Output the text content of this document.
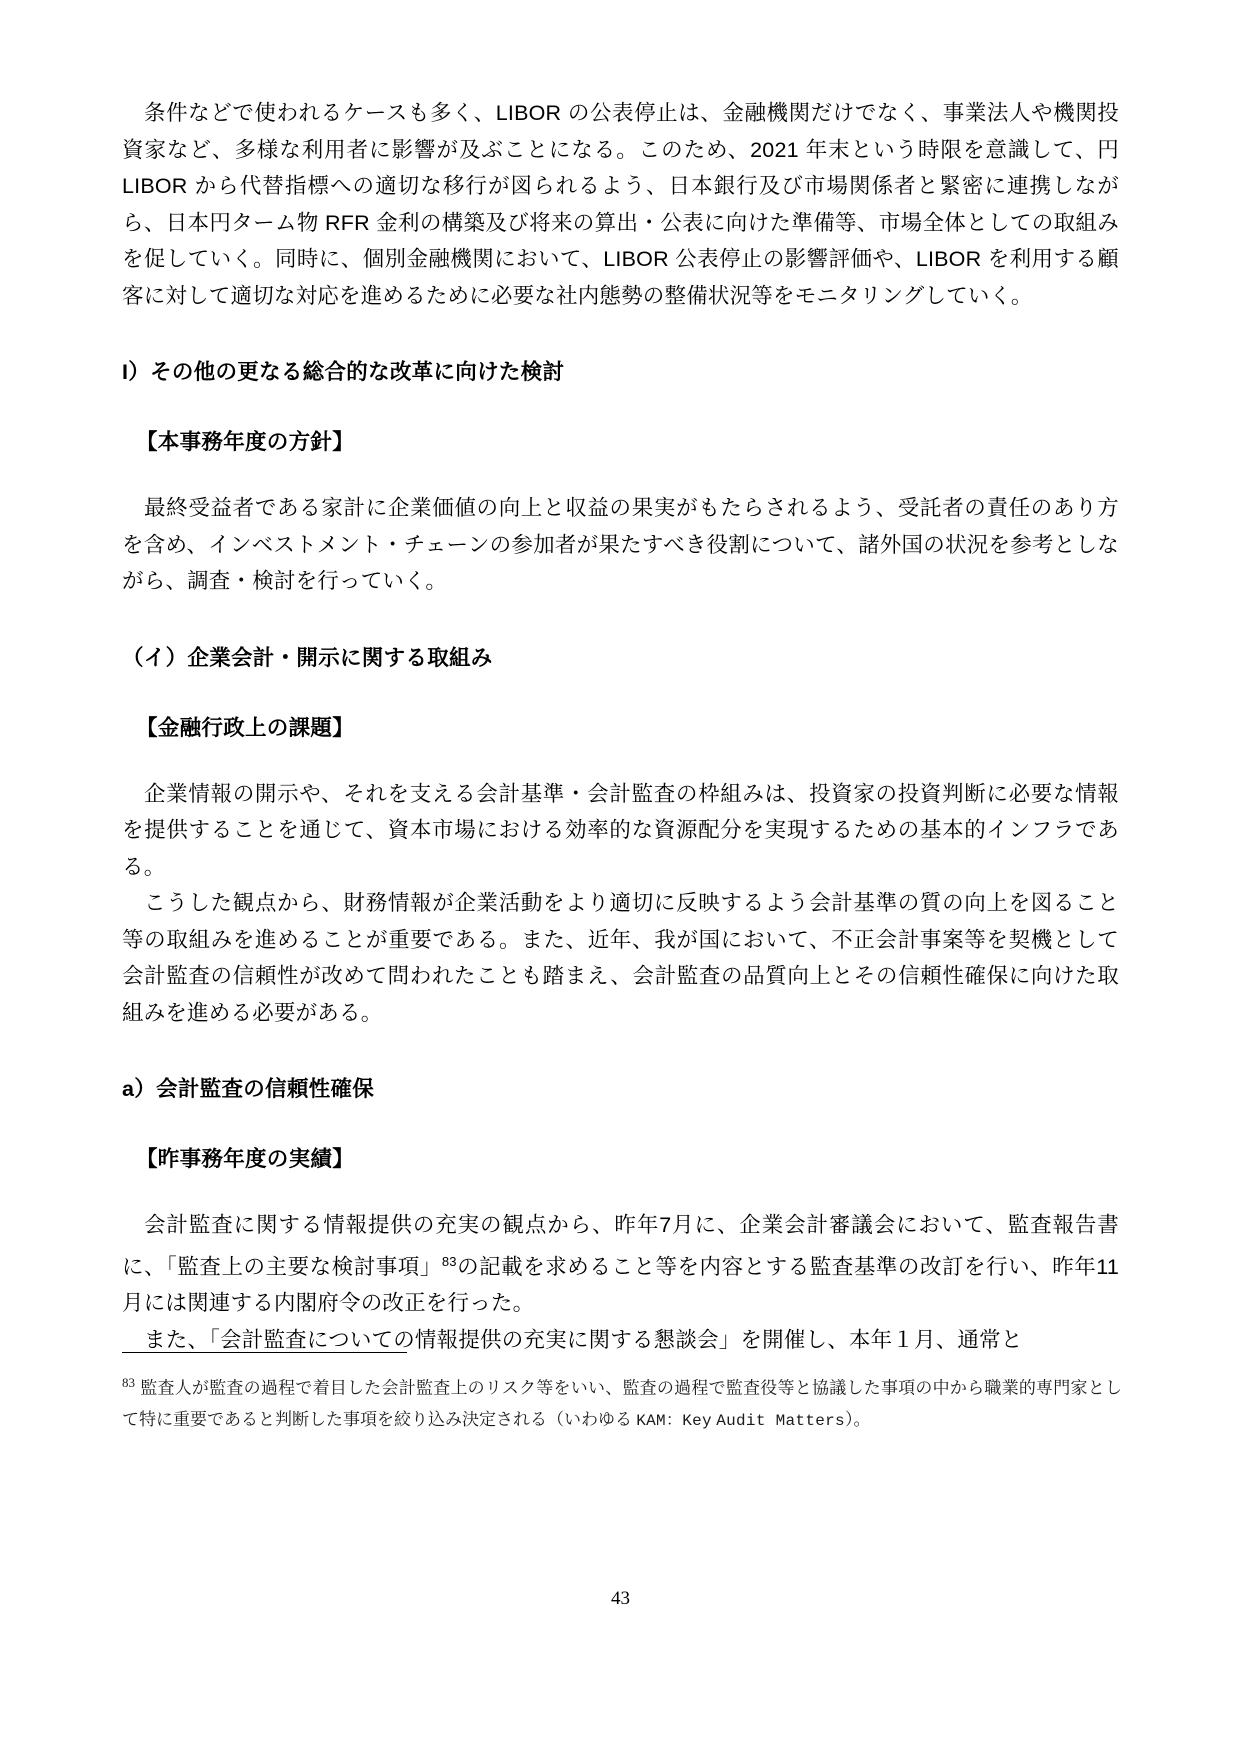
条件などで使われるケースも多く、LIBOR の公表停止は、金融機関だけでなく、事業法人や機関投資家など、多様な利用者に影響が及ぶことになる。このため、2021 年末という時限を意識して、円 LIBOR から代替指標への適切な移行が図られるよう、日本銀行及び市場関係者と緊密に連携しながら、日本円ターム物 RFR 金利の構築及び将来の算出・公表に向けた準備等、市場全体としての取組みを促していく。同時に、個別金融機関において、LIBOR 公表停止の影響評価や、LIBOR を利用する顧客に対して適切な対応を進めるために必要な社内態勢の整備状況等をモニタリングしていく。

I）その他の更なる総合的な改革に向けた検討

【本事務年度の方針】

最終受益者である家計に企業価値の向上と収益の果実がもたらされるよう、受託者の責任のあり方を含め、インベストメント・チェーンの参加者が果たすべき役割について、諸外国の状況を参考としながら、調査・検討を行っていく。

（イ）企業会計・開示に関する取組み

【金融行政上の課題】

企業情報の開示や、それを支える会計基準・会計監査の枠組みは、投資家の投資判断に必要な情報を提供することを通じて、資本市場における効率的な資源配分を実現するための基本的インフラである。

こうした観点から、財務情報が企業活動をより適切に反映するよう会計基準の質の向上を図ること等の取組みを進めることが重要である。また、近年、我が国において、不正会計事案等を契機として会計監査の信頼性が改めて問われたことも踏まえ、会計監査の品質向上とその信頼性確保に向けた取組みを進める必要がある。

a）会計監査の信頼性確保

【昨事務年度の実績】

会計監査に関する情報提供の充実の観点から、昨年7月に、企業会計審議会において、監査報告書に、「監査上の主要な検討事項」$^{83}$の記載を求めること等を内容とする監査基準の改訂を行い、昨年11月には関連する内閣府令の改正を行った。

また、「会計監査についての情報提供の充実に関する懇談会」を開催し、本年１月、通常と

$^{83}$ 監査人が監査の過程で着目した会計監査上のリスク等をいい、監査の過程で監査役等と協議した事項の中から職業的専門家として特に重要であると判断した事項を絞り込み決定される（いわゆる KAM：Key Audit Matters）。

43
